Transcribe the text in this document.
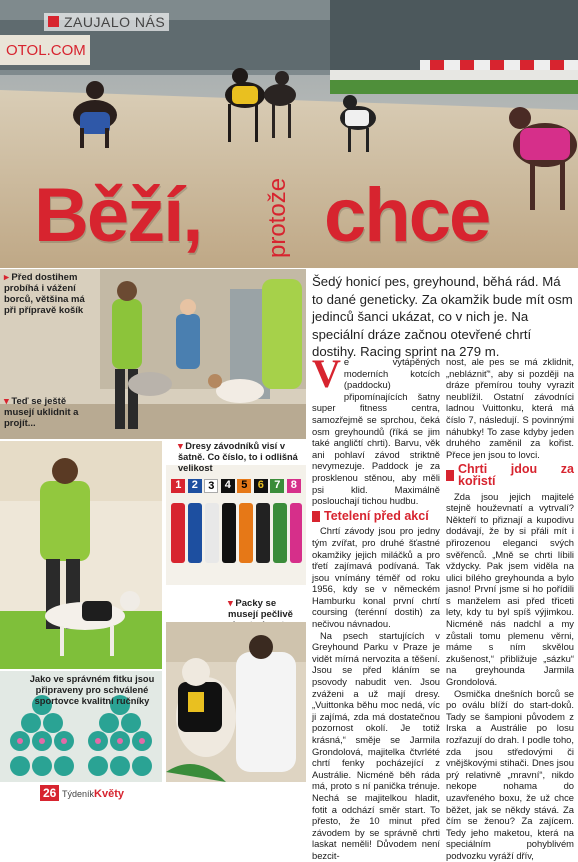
OTOL.COM
ZAUJALO NÁS
Běží, chce
protože
▸ Před dostihem probíhá i vážení borců, většina má při přípravě košík
▾ Teď se ještě musejí uklidnit a projít...
1 2 3 4 5 6 7 8
▾ Dresy závodníků visí v šatně. Co číslo, to i odlišná velikost
▾ Packy se musejí pečlivě
Jako ve správném fitku jsou připraveny pro schválené sportovce kvalitní ručníky
Šedý honicí pes, greyhound, běhá rád. Má to dané geneticky. Za okamžik bude mít osm jedinců šanci ukázat, co v nich je. Na speciální dráze začnou otevřené chrtí dostihy. Racing sprint na 279 m.

Ve vytápěných moderních kotcích (paddocku) připomínajících šatny super fitness centra, samozřejmě se sprchou, čeká osm greyhoundů (říká se jim také angličtí chrti). Barvu, věk ani pohlaví závod striktně nevymezuje. Paddock je za prosklenou stěnou, aby měli psi klid. Maximálně poslouchají tichou hudbu.

Tetelení před akcí

Chrtí závody jsou pro jedny tým zvířat, pro druhé šťastné okamžiky jejich miláčků a pro třetí zajímavá podívaná. Tak jsou vnímány téměř od roku 1956, kdy se v německém Hamburku konal první chrtí coursing (terénní dostih) za nečivou návnadou.

Na psech startujících v Greyhound Parku v Praze je vidět mírná nervozita a těšení. Jsou se před kláním se psovody nabudit ven. Jsou zváženi a už mají dresy. „Vuittonka běhu moc nedá, víc ji zajímá, zda má dostatečnou pozornost okolí. Je totiž krásná,“ směje se Jarmila Grondolová, majitelka čtvrlété chrtí fenky pocházející z Austrálie. Nicméně běh ráda má, proto s ní panička trénuje. Nechá se majitelkou hladit, fotit a odchází směr start. To přesto, že 10 minut před závodem by se správně chrti laskat neměli! Důvodem není bezcit-

nost, ale pes se má zklidnit, „neblázniť“, aby si později na dráze přemírou touhy vyrazit neublížil. Ostatní závodníci ladnou Vuittonku, která má číslo 7, následují. S povinnými náhubky! To zase kdyby jeden druhého zaměnil za kořist. Přece jen jsou to lovci.

Chrti jdou za kořistí

Zda jsou jejich majitelé stejně houževnatí a vytrvalí? Někteří to přiznají a kupodivu dodávají, že by si přáli mít i přirozenou eleganci svých svěřenců. „Mně se chrti líbili vždycky. Pak jsem viděla na ulici bílého greyhounda a bylo jasno! První jsme si ho pořídili s manželem asi před třiceti lety, kdy tu byl spíš výjimkou. Nicméně nás nadchl a my zůstali tomu plemenu věrni, máme s ním skvělou zkušenost,“ přibližuje „sázku“ na greyhounda Jarmila Grondolová.

Osmička dnešních borců se po oválu blíží do start-doků. Tady se šampioni původem z Irska a Austrálie po losu rozřazují do drah. I podle toho, zda jsou středovými či vnějškovými stihači. Dnes jsou prý relativně „mravní“, nikdo nekope nohama do uzavřeného boxu, že už chce běžet, jak se někdy stává. Za čím se ženou? Za zajícem. Tedy jeho maketou, která na speciálním pohyblivém podvozku vyráží dřív,

26 TýdeníkKvěty
